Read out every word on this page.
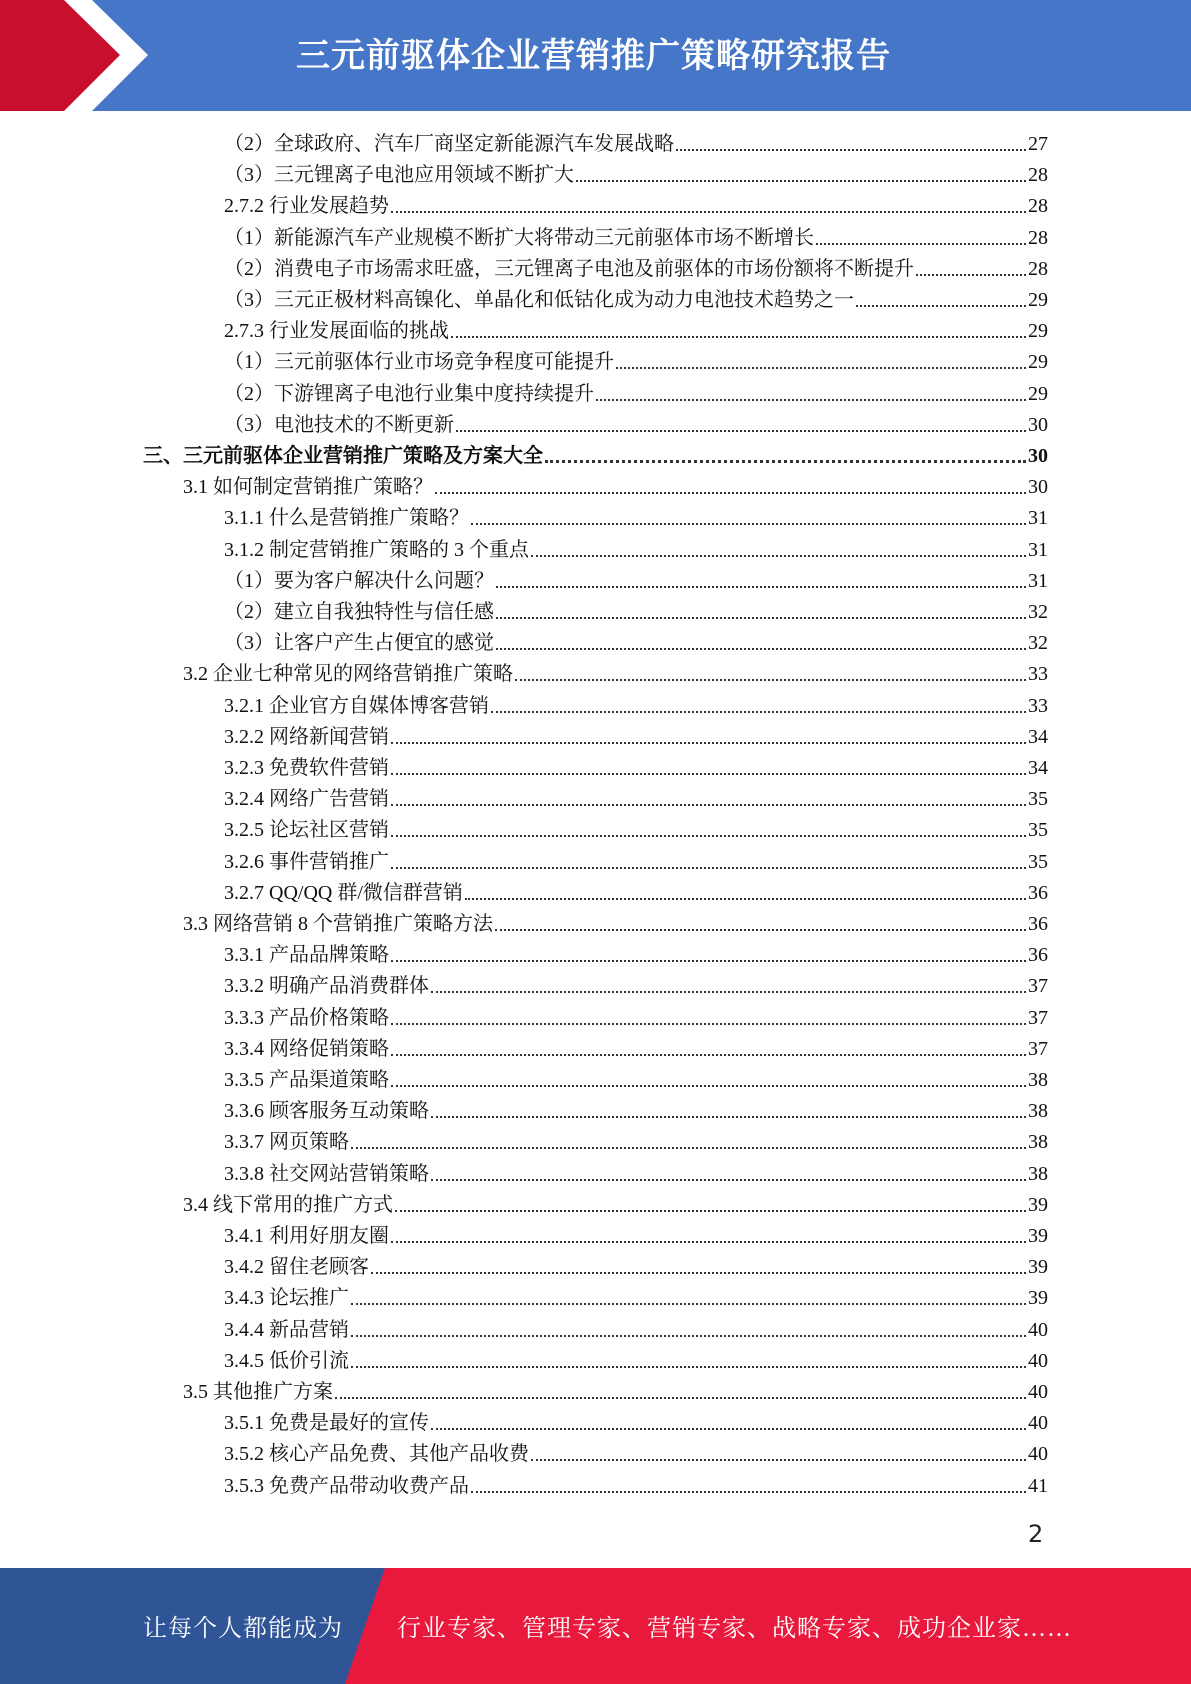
三元前驱体企业营销推广策略研究报告
（2）全球政府、汽车厂商坚定新能源汽车发展战略	27
（3）三元锂离子电池应用领域不断扩大	28
2.7.2 行业发展趋势	28
（1）新能源汽车产业规模不断扩大将带动三元前驱体市场不断增长	28
（2）消费电子市场需求旺盛，三元锂离子电池及前驱体的市场份额将不断提升	28
（3）三元正极材料高镍化、单晶化和低钴化成为动力电池技术趋势之一	29
2.7.3 行业发展面临的挑战	29
（1）三元前驱体行业市场竞争程度可能提升	29
（2）下游锂离子电池行业集中度持续提升	29
（3）电池技术的不断更新	30
三、三元前驱体企业营销推广策略及方案大全	30
3.1 如何制定营销推广策略？	30
3.1.1 什么是营销推广策略？	31
3.1.2 制定营销推广策略的 3 个重点	31
（1）要为客户解决什么问题？	31
（2）建立自我独特性与信任感	32
（3）让客户产生占便宜的感觉	32
3.2 企业七种常见的网络营销推广策略	33
3.2.1 企业官方自媒体博客营销	33
3.2.2 网络新闻营销	34
3.2.3 免费软件营销	34
3.2.4 网络广告营销	35
3.2.5 论坛社区营销	35
3.2.6 事件营销推广	35
3.2.7 QQ/QQ 群/微信群营销	36
3.3 网络营销 8 个营销推广策略方法	36
3.3.1 产品品牌策略	36
3.3.2 明确产品消费群体	37
3.3.3 产品价格策略	37
3.3.4 网络促销策略	37
3.3.5 产品渠道策略	38
3.3.6 顾客服务互动策略	38
3.3.7 网页策略	38
3.3.8 社交网站营销策略	38
3.4 线下常用的推广方式	39
3.4.1 利用好朋友圈	39
3.4.2 留住老顾客	39
3.4.3 论坛推广	39
3.4.4 新品营销	40
3.4.5 低价引流	40
3.5 其他推广方案	40
3.5.1 免费是最好的宣传	40
3.5.2 核心产品免费、其他产品收费	40
3.5.3 免费产品带动收费产品	41
2
让每个人都能成为 行业专家、管理专家、营销专家、战略专家、成功企业家……
